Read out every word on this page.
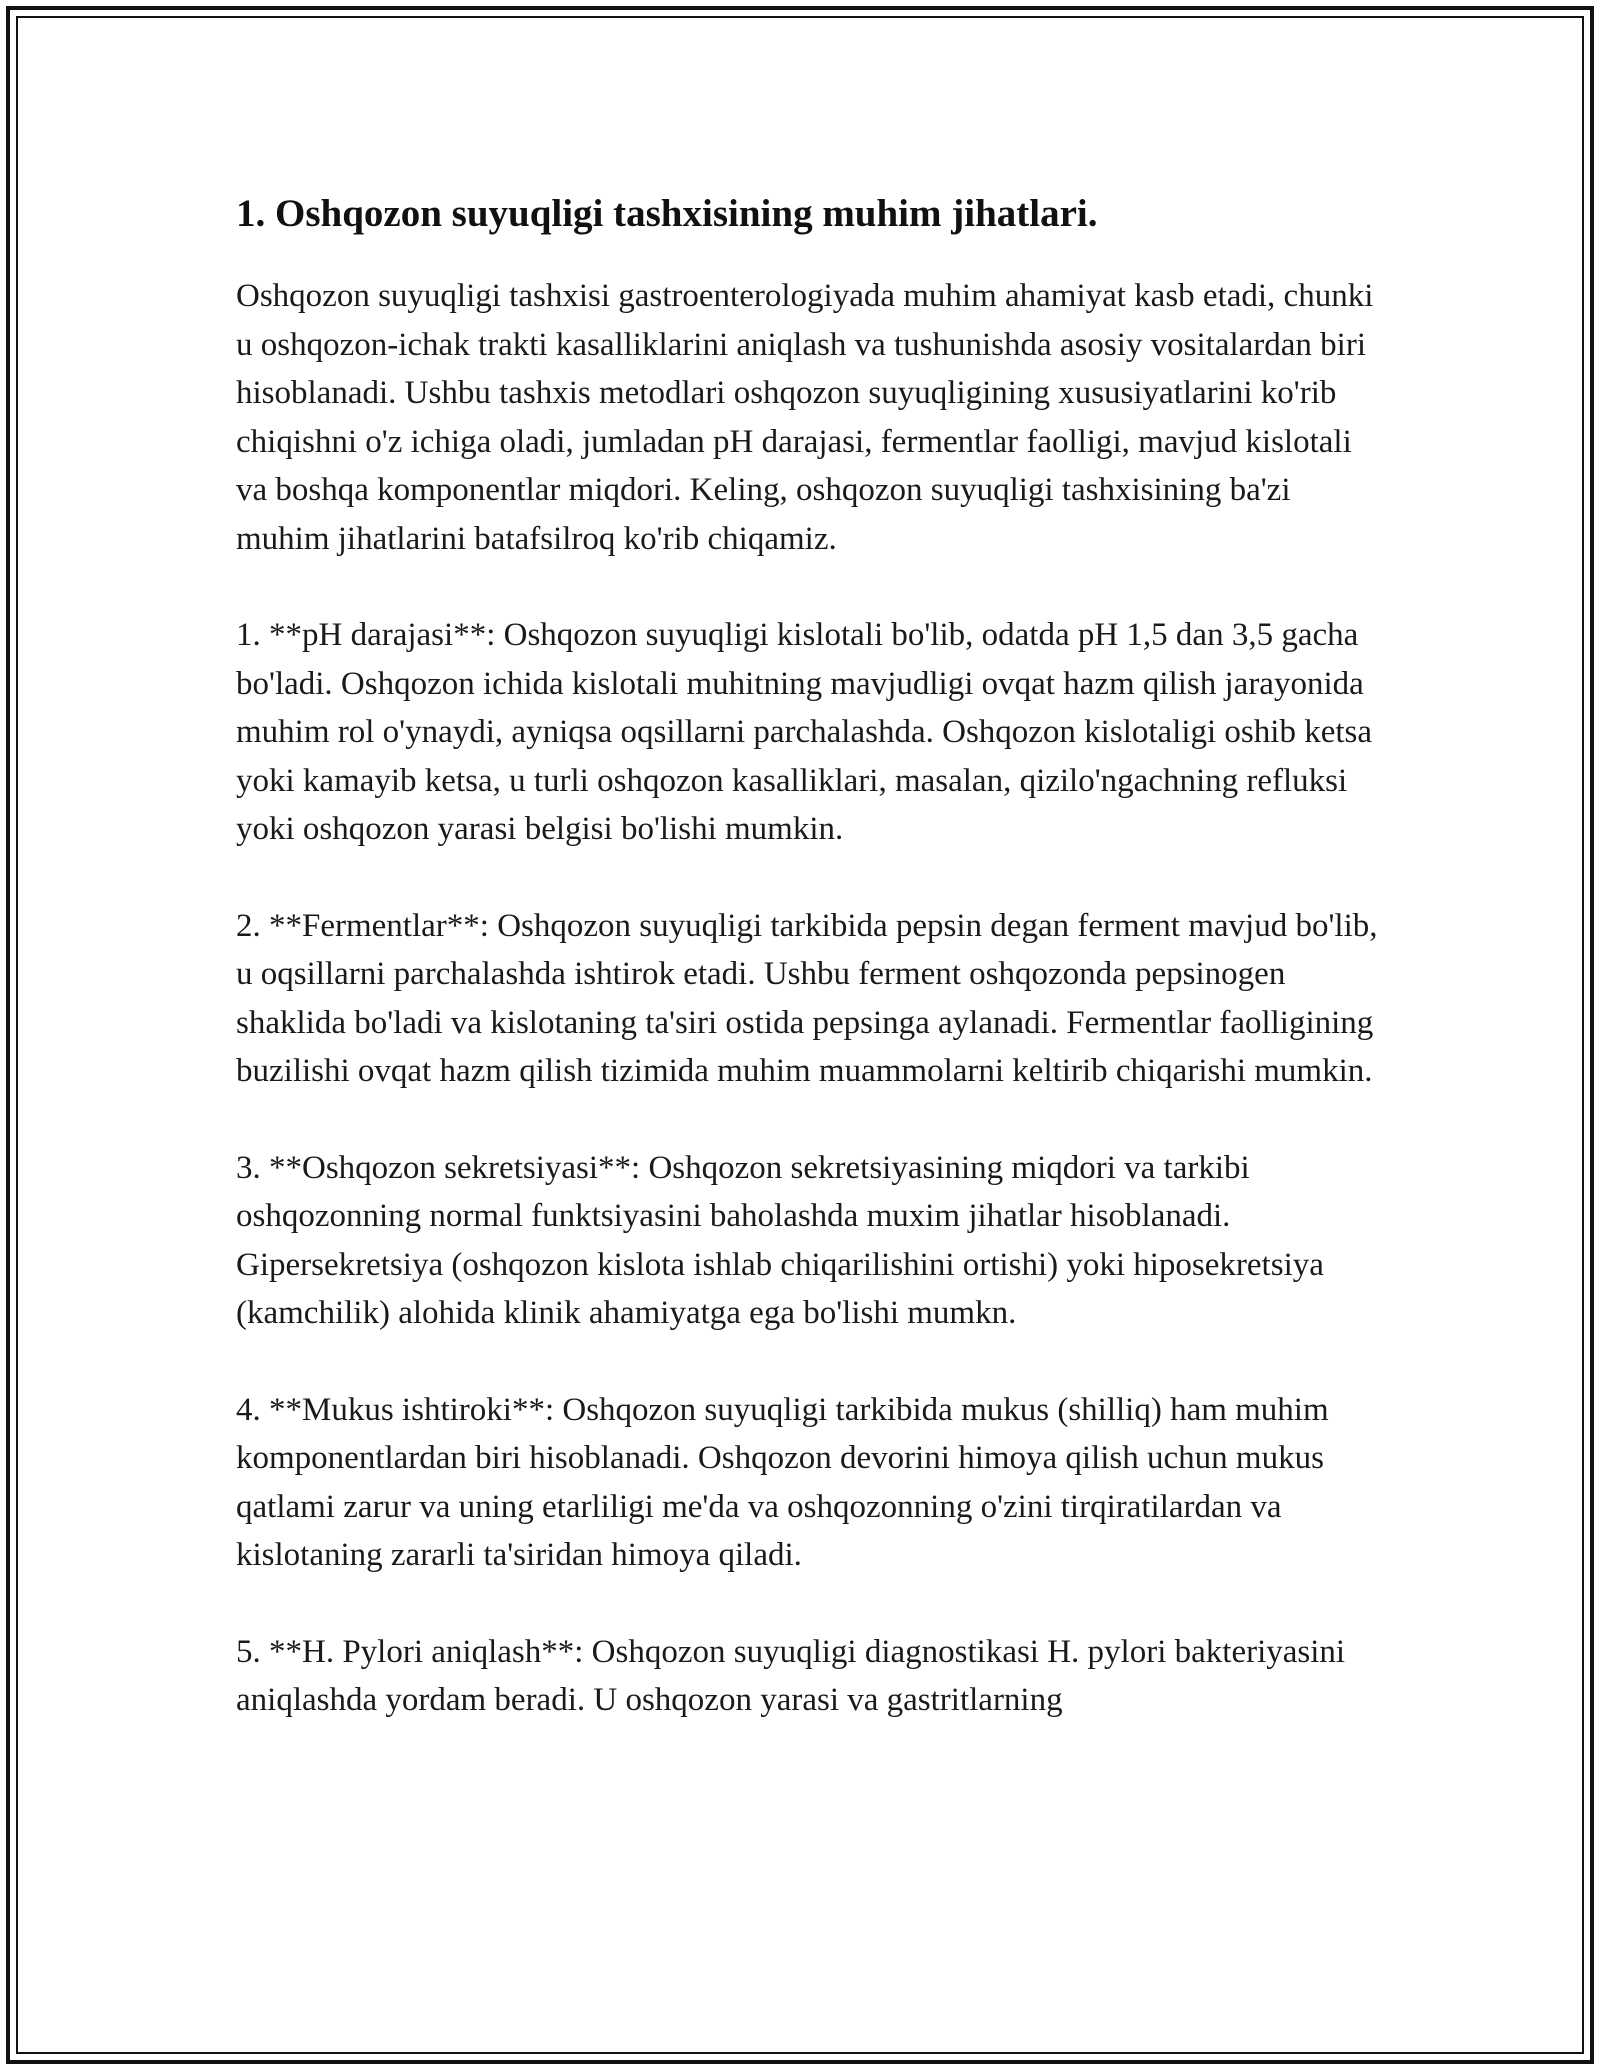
1. Oshqozon suyuqligi tashxisining muhim jihatlari.

Oshqozon suyuqligi tashxisi gastroenterologiyada muhim ahamiyat kasb etadi, chunki u oshqozon-ichak trakti kasalliklarini aniqlash va tushunishda asosiy vositalardan biri hisoblanadi. Ushbu tashxis metodlari oshqozon suyuqligining xususiyatlarini ko'rib chiqishni o'z ichiga oladi, jumladan pH darajasi, fermentlar faolligi, mavjud kislotali va boshqa komponentlar miqdori. Keling, oshqozon suyuqligi tashxisining ba'zi muhim jihatlarini batafsilroq ko'rib chiqamiz.

1. **pH darajasi**: Oshqozon suyuqligi kislotali bo'lib, odatda pH 1,5 dan 3,5 gacha bo'ladi. Oshqozon ichida kislotali muhitning mavjudligi ovqat hazm qilish jarayonida muhim rol o'ynaydi, ayniqsa oqsillarni parchalashda. Oshqozon kislotaligi oshib ketsa yoki kamayib ketsa, u turli oshqozon kasalliklari, masalan, qizilo'ngachning refluksi yoki oshqozon yarasi belgisi bo'lishi mumkin.

2. **Fermentlar**: Oshqozon suyuqligi tarkibida pepsin degan ferment mavjud bo'lib, u oqsillarni parchalashda ishtirok etadi. Ushbu ferment oshqozonda pepsinogen shaklida bo'ladi va kislotaning ta'siri ostida pepsinga aylanadi. Fermentlar faolligining buzilishi ovqat hazm qilish tizimida muhim muammolarni keltirib chiqarishi mumkin.

3. **Oshqozon sekretsiyasi**: Oshqozon sekretsiyasining miqdori va tarkibi oshqozonning normal funktsiyasini baholashda muxim jihatlar hisoblanadi. Gipersekretsiya (oshqozon kislota ishlab chiqarilishini ortishi) yoki hiposekretsiya (kamchilik) alohida klinik ahamiyatga ega bo'lishi mumkn.

4. **Mukus ishtiroki**: Oshqozon suyuqligi tarkibida mukus (shilliq) ham muhim komponentlardan biri hisoblanadi. Oshqozon devorini himoya qilish uchun mukus qatlami zarur va uning etarliligi me'da va oshqozonning o'zini tirqiratilardan va kislotaning zararli ta'siridan himoya qiladi.

5. **H. Pylori aniqlash**: Oshqozon suyuqligi diagnostikasi H. pylori bakteriyasini aniqlashda yordam beradi. U oshqozon yarasi va gastritlarning
